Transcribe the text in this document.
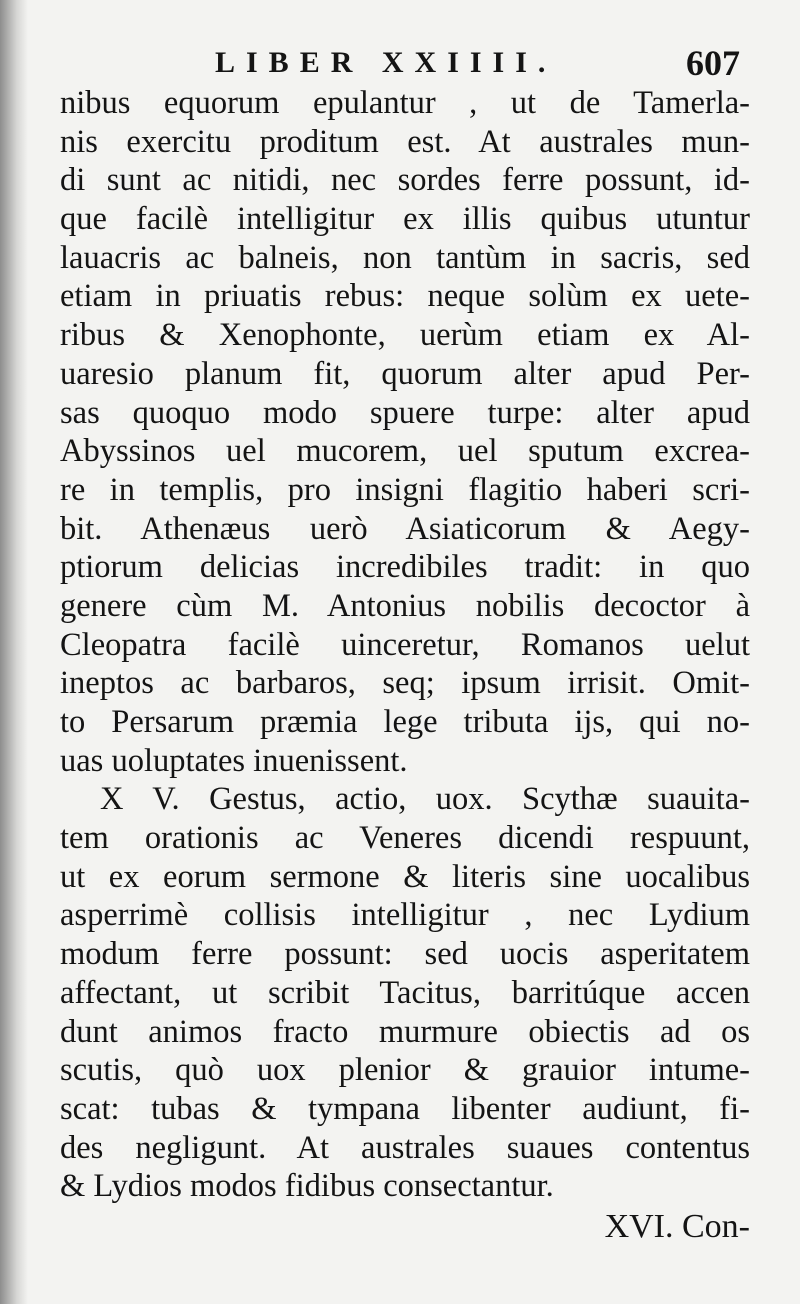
LIBER XXIIII.	607
nibus equorum epulantur , ut de Tamerla-
nis exercitu proditum est. At australes mun-
di sunt ac nitidi, nec sordes ferre possunt, id-
que facilè intelligitur ex illis quibus utuntur
lauacris ac balneis, non tantùm in sacris, sed
etiam in priuatis rebus: neque solùm ex uete-
ribus & Xenophonte, uerùm etiam ex Al-
uaresio planum fit, quorum alter apud Per-
sas quoquo modo spuere turpe: alter apud
Abyssinos uel mucorem, uel sputum excrea-
re in templis, pro insigni flagitio haberi scri-
bit. Athenæus uerò Asiaticorum & Aegy-
ptiorum delicias incredibiles tradit: in quo
genere cùm M. Antonius nobilis decoctor à
Cleopatra facilè uinceretur, Romanos uelut
ineptos ac barbaros, seq; ipsum irrisit. Omit-
to Persarum præmia lege tributa ijs, qui no-
uas uoluptates inuenissent.
X V. Gestus, actio, uox. Scythæ suauita-
tem orationis ac Veneres dicendi respuunt,
ut ex eorum sermone & literis sine uocalibus
asperrimè collisis intelligitur , nec Lydium
modum ferre possunt: sed uocis asperitatem
affectant, ut scribit Tacitus, barritúque accen
dunt animos fracto murmure obiectis ad os
scutis, quò uox plenior & grauior intume-
scat: tubas & tympana libenter audiunt, fi-
des negligunt. At australes suaues contentus
& Lydios modos fidibus consectantur.
XVI. Con-
